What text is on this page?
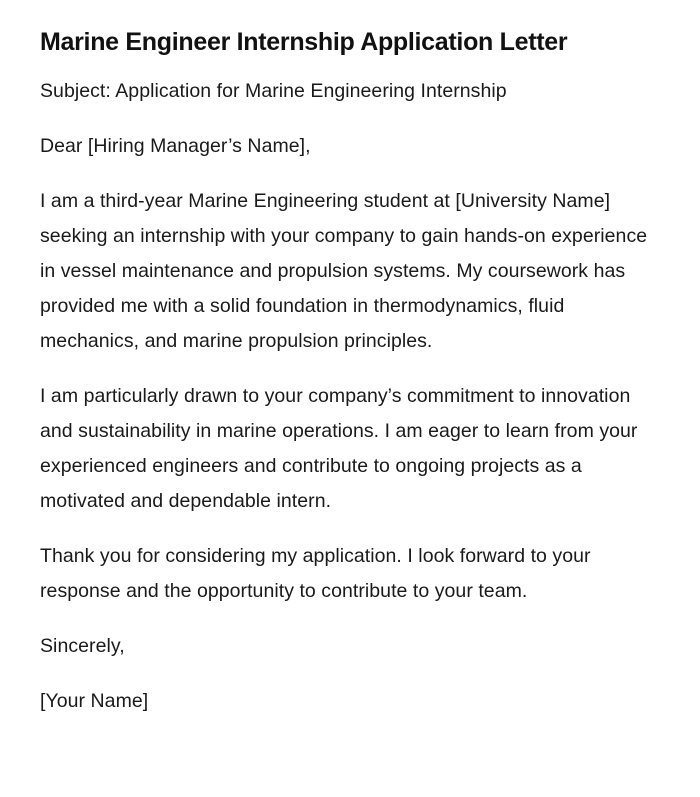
Marine Engineer Internship Application Letter

Subject: Application for Marine Engineering Internship

Dear [Hiring Manager’s Name],

I am a third-year Marine Engineering student at [University Name] seeking an internship with your company to gain hands-on experience in vessel maintenance and propulsion systems. My coursework has provided me with a solid foundation in thermodynamics, fluid mechanics, and marine propulsion principles.

I am particularly drawn to your company’s commitment to innovation and sustainability in marine operations. I am eager to learn from your experienced engineers and contribute to ongoing projects as a motivated and dependable intern.

Thank you for considering my application. I look forward to your response and the opportunity to contribute to your team.

Sincerely,

[Your Name]
